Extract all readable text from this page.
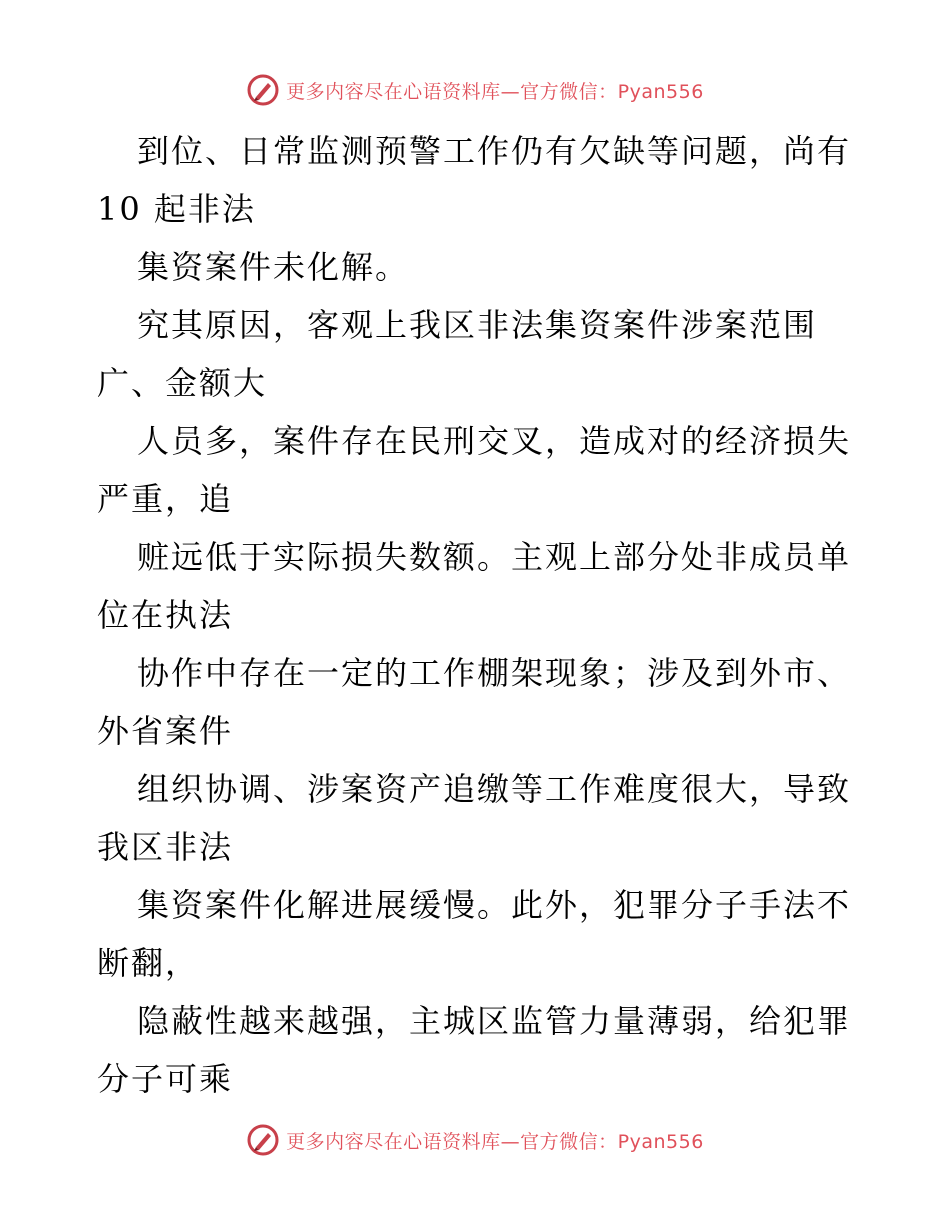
更多内容尽在心语资料库—官方微信：Pyan556
到位、日常监测预警工作仍有欠缺等问题，尚有
10 起非法
集资案件未化解。
究其原因，客观上我区非法集资案件涉案范围
广、金额大
人员多，案件存在民刑交叉，造成对的经济损失
严重，追
赃远低于实际损失数额。主观上部分处非成员单
位在执法
协作中存在一定的工作棚架现象；涉及到外市、
外省案件
组织协调、涉案资产追缴等工作难度很大，导致
我区非法
集资案件化解进展缓慢。此外，犯罪分子手法不
断翻，
隐蔽性越来越强，主城区监管力量薄弱，给犯罪
分子可乘
更多内容尽在心语资料库—官方微信：Pyan556
